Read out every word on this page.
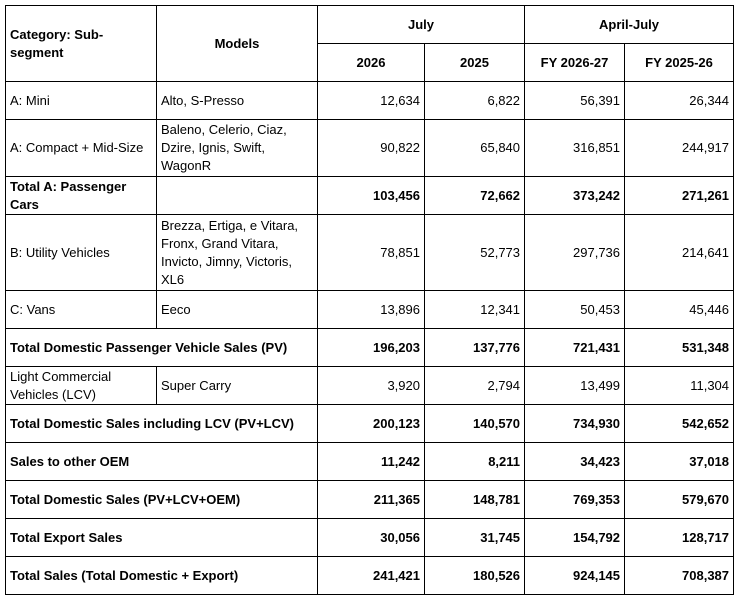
Category: Sub-segment	Models	July		April-July	
		2026	2025	FY 2026-27	FY 2025-26
A: Mini	Alto, S-Presso	12,634	6,822	56,391	26,344
A: Compact + Mid-Size	Baleno, Celerio, Ciaz, Dzire, Ignis, Swift, WagonR	90,822	65,840	316,851	244,917
Total A: Passenger Cars		103,456	72,662	373,242	271,261
B: Utility Vehicles	Brezza, Ertiga, e Vitara, Fronx, Grand Vitara, Invicto, Jimny, Victoris, XL6	78,851	52,773	297,736	214,641
C: Vans	Eeco	13,896	12,341	50,453	45,446
Total Domestic Passenger Vehicle Sales (PV)		196,203	137,776	721,431	531,348
Light Commercial Vehicles (LCV)	Super Carry	3,920	2,794	13,499	11,304
Total Domestic Sales including LCV (PV+LCV)		200,123	140,570	734,930	542,652
Sales to other OEM		11,242	8,211	34,423	37,018
Total Domestic Sales (PV+LCV+OEM)		211,365	148,781	769,353	579,670
Total Export Sales		30,056	31,745	154,792	128,717
Total Sales (Total Domestic + Export)		241,421	180,526	924,145	708,387
